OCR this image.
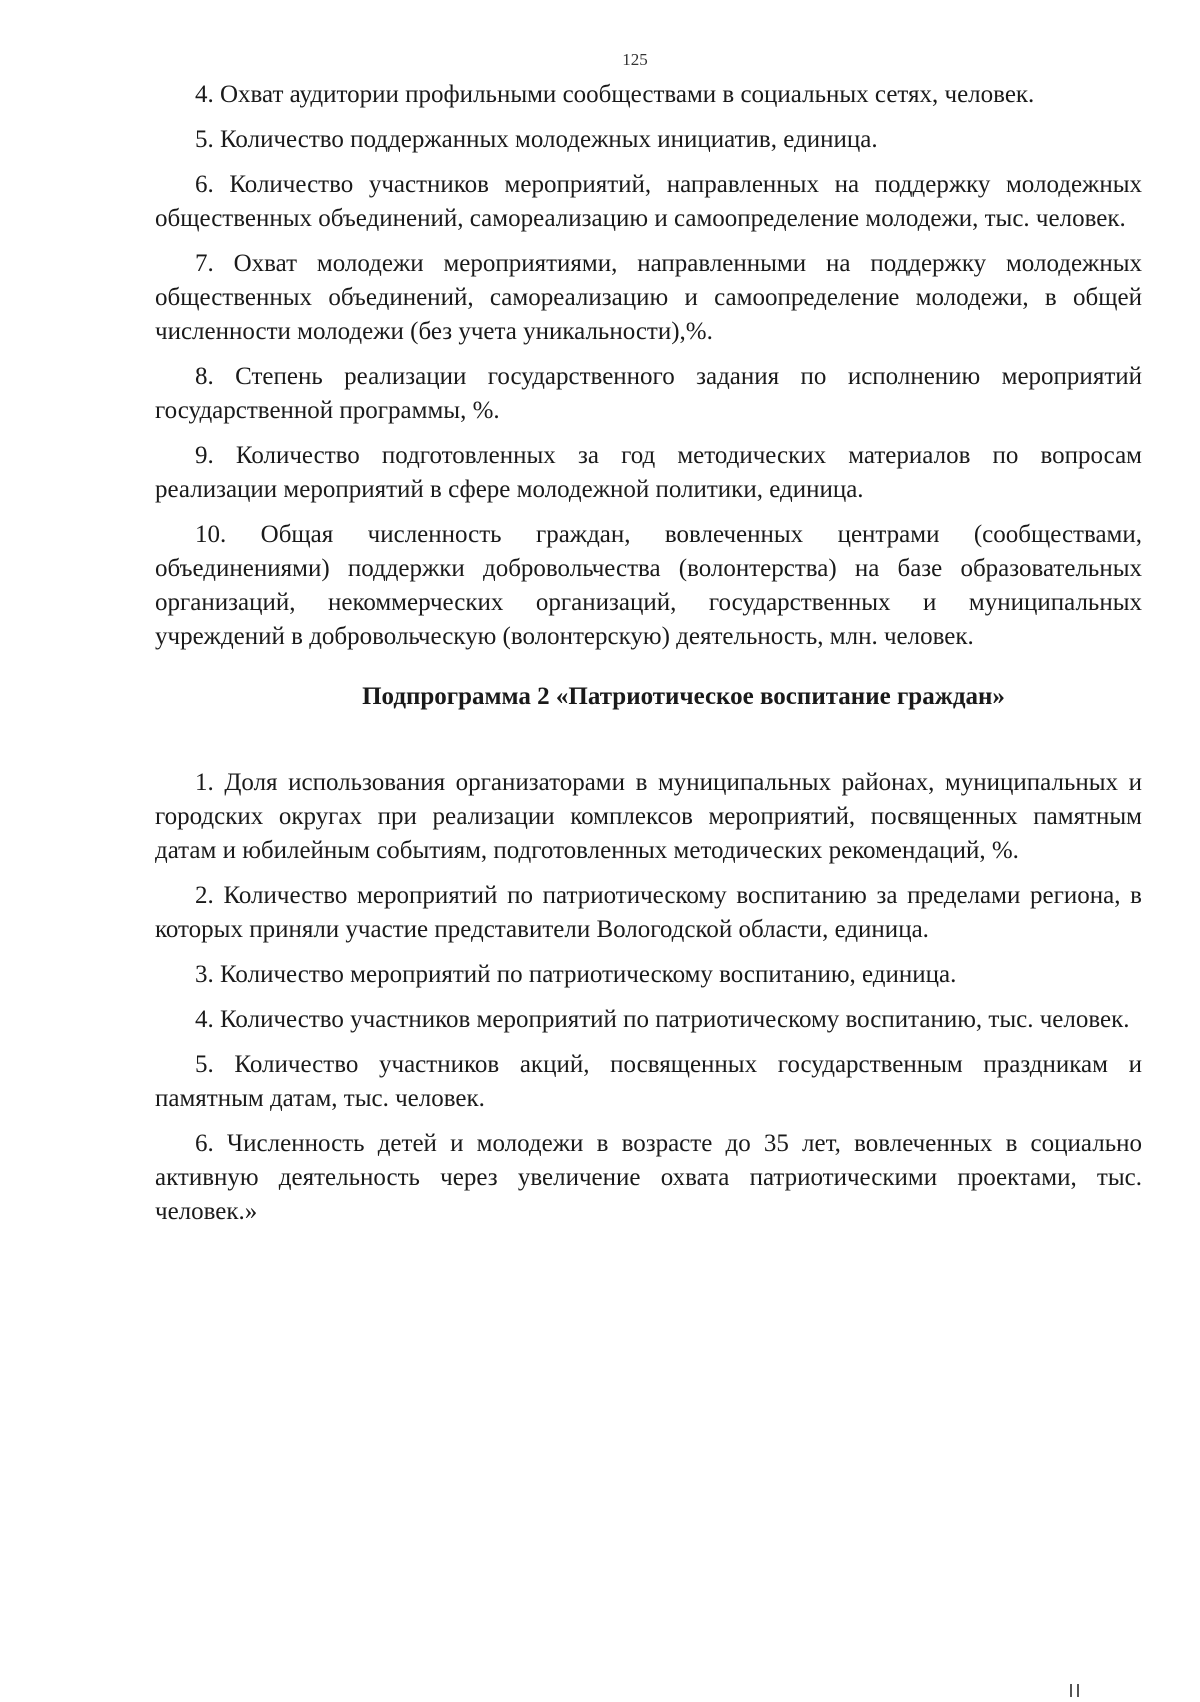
125

4. Охват аудитории профильными сообществами в социальных сетях, человек.

5. Количество поддержанных молодежных инициатив, единица.

6. Количество участников мероприятий, направленных на поддержку молодежных общественных объединений, самореализацию и самоопределение молодежи, тыс. человек.

7. Охват молодежи мероприятиями, направленными на поддержку молодежных общественных объединений, самореализацию и самоопределение молодежи, в общей численности молодежи (без учета уникальности),%.

8. Степень реализации государственного задания по исполнению мероприятий государственной программы, %.

9. Количество подготовленных за год методических материалов по вопросам реализации мероприятий в сфере молодежной политики, единица.

10. Общая численность граждан, вовлеченных центрами (сообществами, объединениями) поддержки добровольчества (волонтерства) на базе образовательных организаций, некоммерческих организаций, государственных и муниципальных учреждений в добровольческую (волонтерскую) деятельность, млн. человек.

Подпрограмма 2 «Патриотическое воспитание граждан»

1. Доля использования организаторами в муниципальных районах, муниципальных и городских округах при реализации комплексов мероприятий, посвященных памятным датам и юбилейным событиям, подготовленных методических рекомендаций, %.

2. Количество мероприятий по патриотическому воспитанию за пределами региона, в которых приняли участие представители Вологодской области, единица.

3. Количество мероприятий по патриотическому воспитанию, единица.

4. Количество участников мероприятий по патриотическому воспитанию, тыс. человек.

5. Количество участников акций, посвященных государственным праздникам и памятным датам, тыс. человек.

6. Численность детей и молодежи в возрасте до 35 лет, вовлеченных в социально активную деятельность через увеличение охвата патриотическими проектами, тыс. человек.»
